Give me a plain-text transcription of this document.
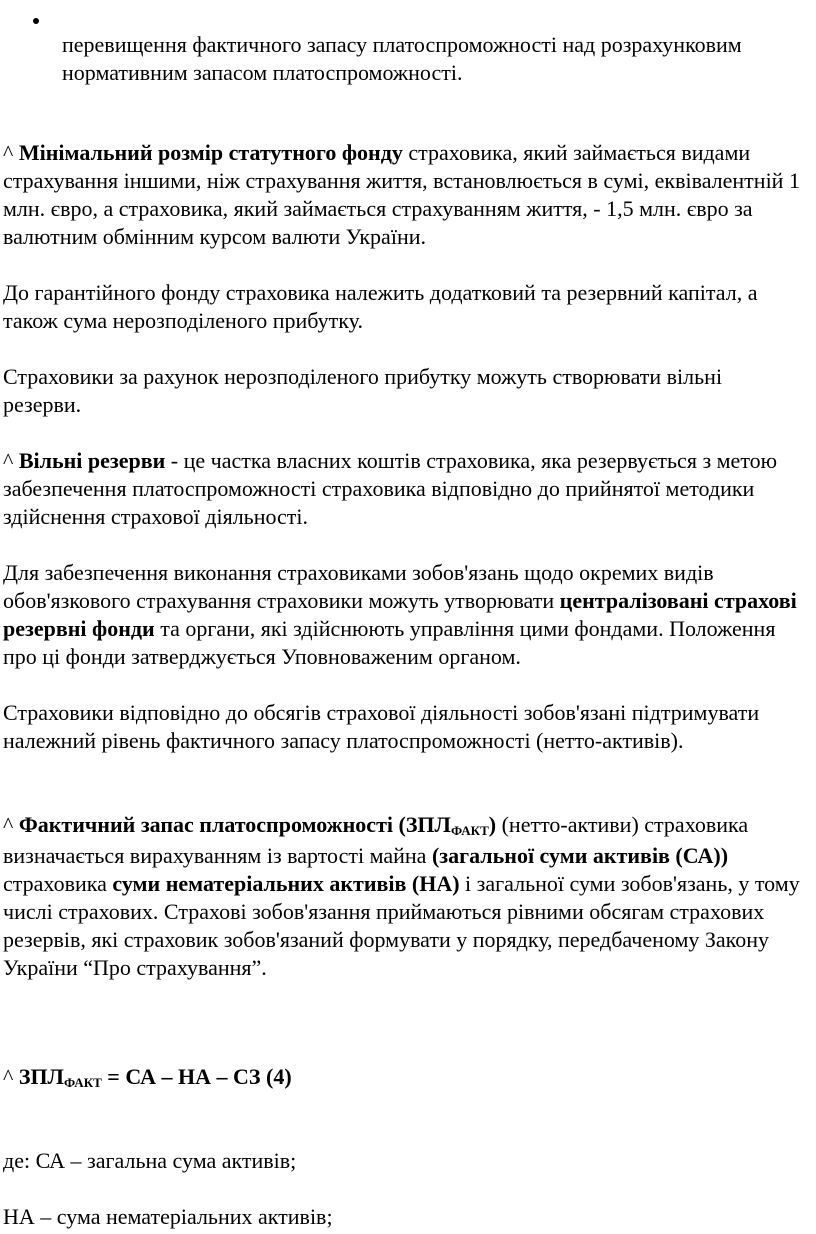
перевищення фактичного запасу платоспроможності над розрахунковим нормативним запасом платоспроможності.

^ Мінімальний розмір статутного фонду страховика, який займається видами страхування іншими, ніж страхування життя, встановлюється в сумі, еквівалентній 1 млн. євро, а страховика, який займається страхуванням життя, - 1,5 млн. євро за валютним обмінним курсом валюти України.

До гарантійного фонду страховика належить додатковий та резервний капітал, а також сума нерозподіленого прибутку.

Страховики за рахунок нерозподіленого прибутку можуть створювати вільні резерви.

^ Вільні резерви - це частка власних коштів страховика, яка резервується з метою забезпечення платоспроможності страховика відповідно до прийнятої методики здійснення страхової діяльності.

Для забезпечення виконання страховиками зобов'язань щодо окремих видів обов'язкового страхування страховики можуть утворювати централізовані страхові резервні фонди та органи, які здійснюють управління цими фондами. Положення про ці фонди затверджується Уповноваженим органом.

Страховики відповідно до обсягів страхової діяльності зобов'язані підтримувати належний рівень фактичного запасу платоспроможності (нетто-активів).

^ Фактичний запас платоспроможності $(ЗПЛ_{ФАКТ})$ (нетто-активи) страховика визначається вирахуванням із вартості майна (загальної суми активів (СА)) страховика суми нематеріальних активів (НА) і загальної суми зобов'язань, у тому числі страхових. Страхові зобов'язання приймаються рівними обсягам страхових резервів, які страховик зобов'язаний формувати у порядку, передбаченому Закону України “Про страхування”.

^ $ЗПЛ_{ФАКТ}$ = СА – НА – СЗ (4)

де: СА – загальна сума активів;

НА – сума нематеріальних активів;
